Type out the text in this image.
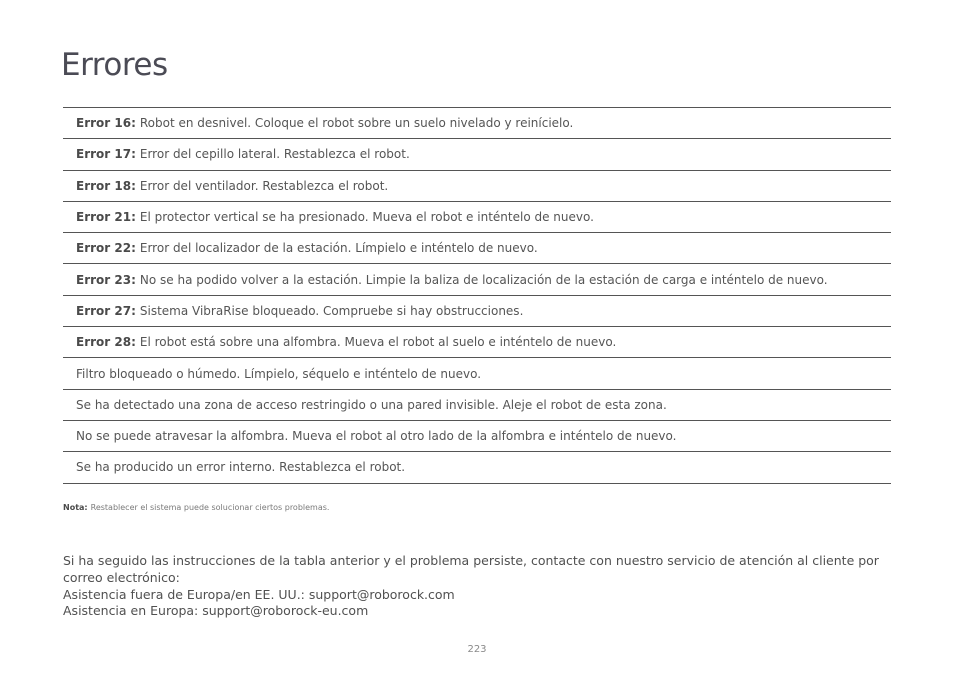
Errores
Error 16: Robot en desnivel. Coloque el robot sobre un suelo nivelado y reinícielo.
Error 17: Error del cepillo lateral. Restablezca el robot.
Error 18: Error del ventilador. Restablezca el robot.
Error 21: El protector vertical se ha presionado. Mueva el robot e inténtelo de nuevo.
Error 22: Error del localizador de la estación. Límpielo e inténtelo de nuevo.
Error 23: No se ha podido volver a la estación. Limpie la baliza de localización de la estación de carga e inténtelo de nuevo.
Error 27: Sistema VibraRise bloqueado. Compruebe si hay obstrucciones.
Error 28: El robot está sobre una alfombra. Mueva el robot al suelo e inténtelo de nuevo.
Filtro bloqueado o húmedo. Límpielo, séquelo e inténtelo de nuevo.
Se ha detectado una zona de acceso restringido o una pared invisible. Aleje el robot de esta zona.
No se puede atravesar la alfombra. Mueva el robot al otro lado de la alfombra e inténtelo de nuevo.
Se ha producido un error interno. Restablezca el robot.
Nota: Restablecer el sistema puede solucionar ciertos problemas.

Si ha seguido las instrucciones de la tabla anterior y el problema persiste, contacte con nuestro servicio de atención al cliente por correo electrónico:

Asistencia fuera de Europa/en EE. UU.: support@roborock.com

Asistencia en Europa: support@roborock-eu.com

223
